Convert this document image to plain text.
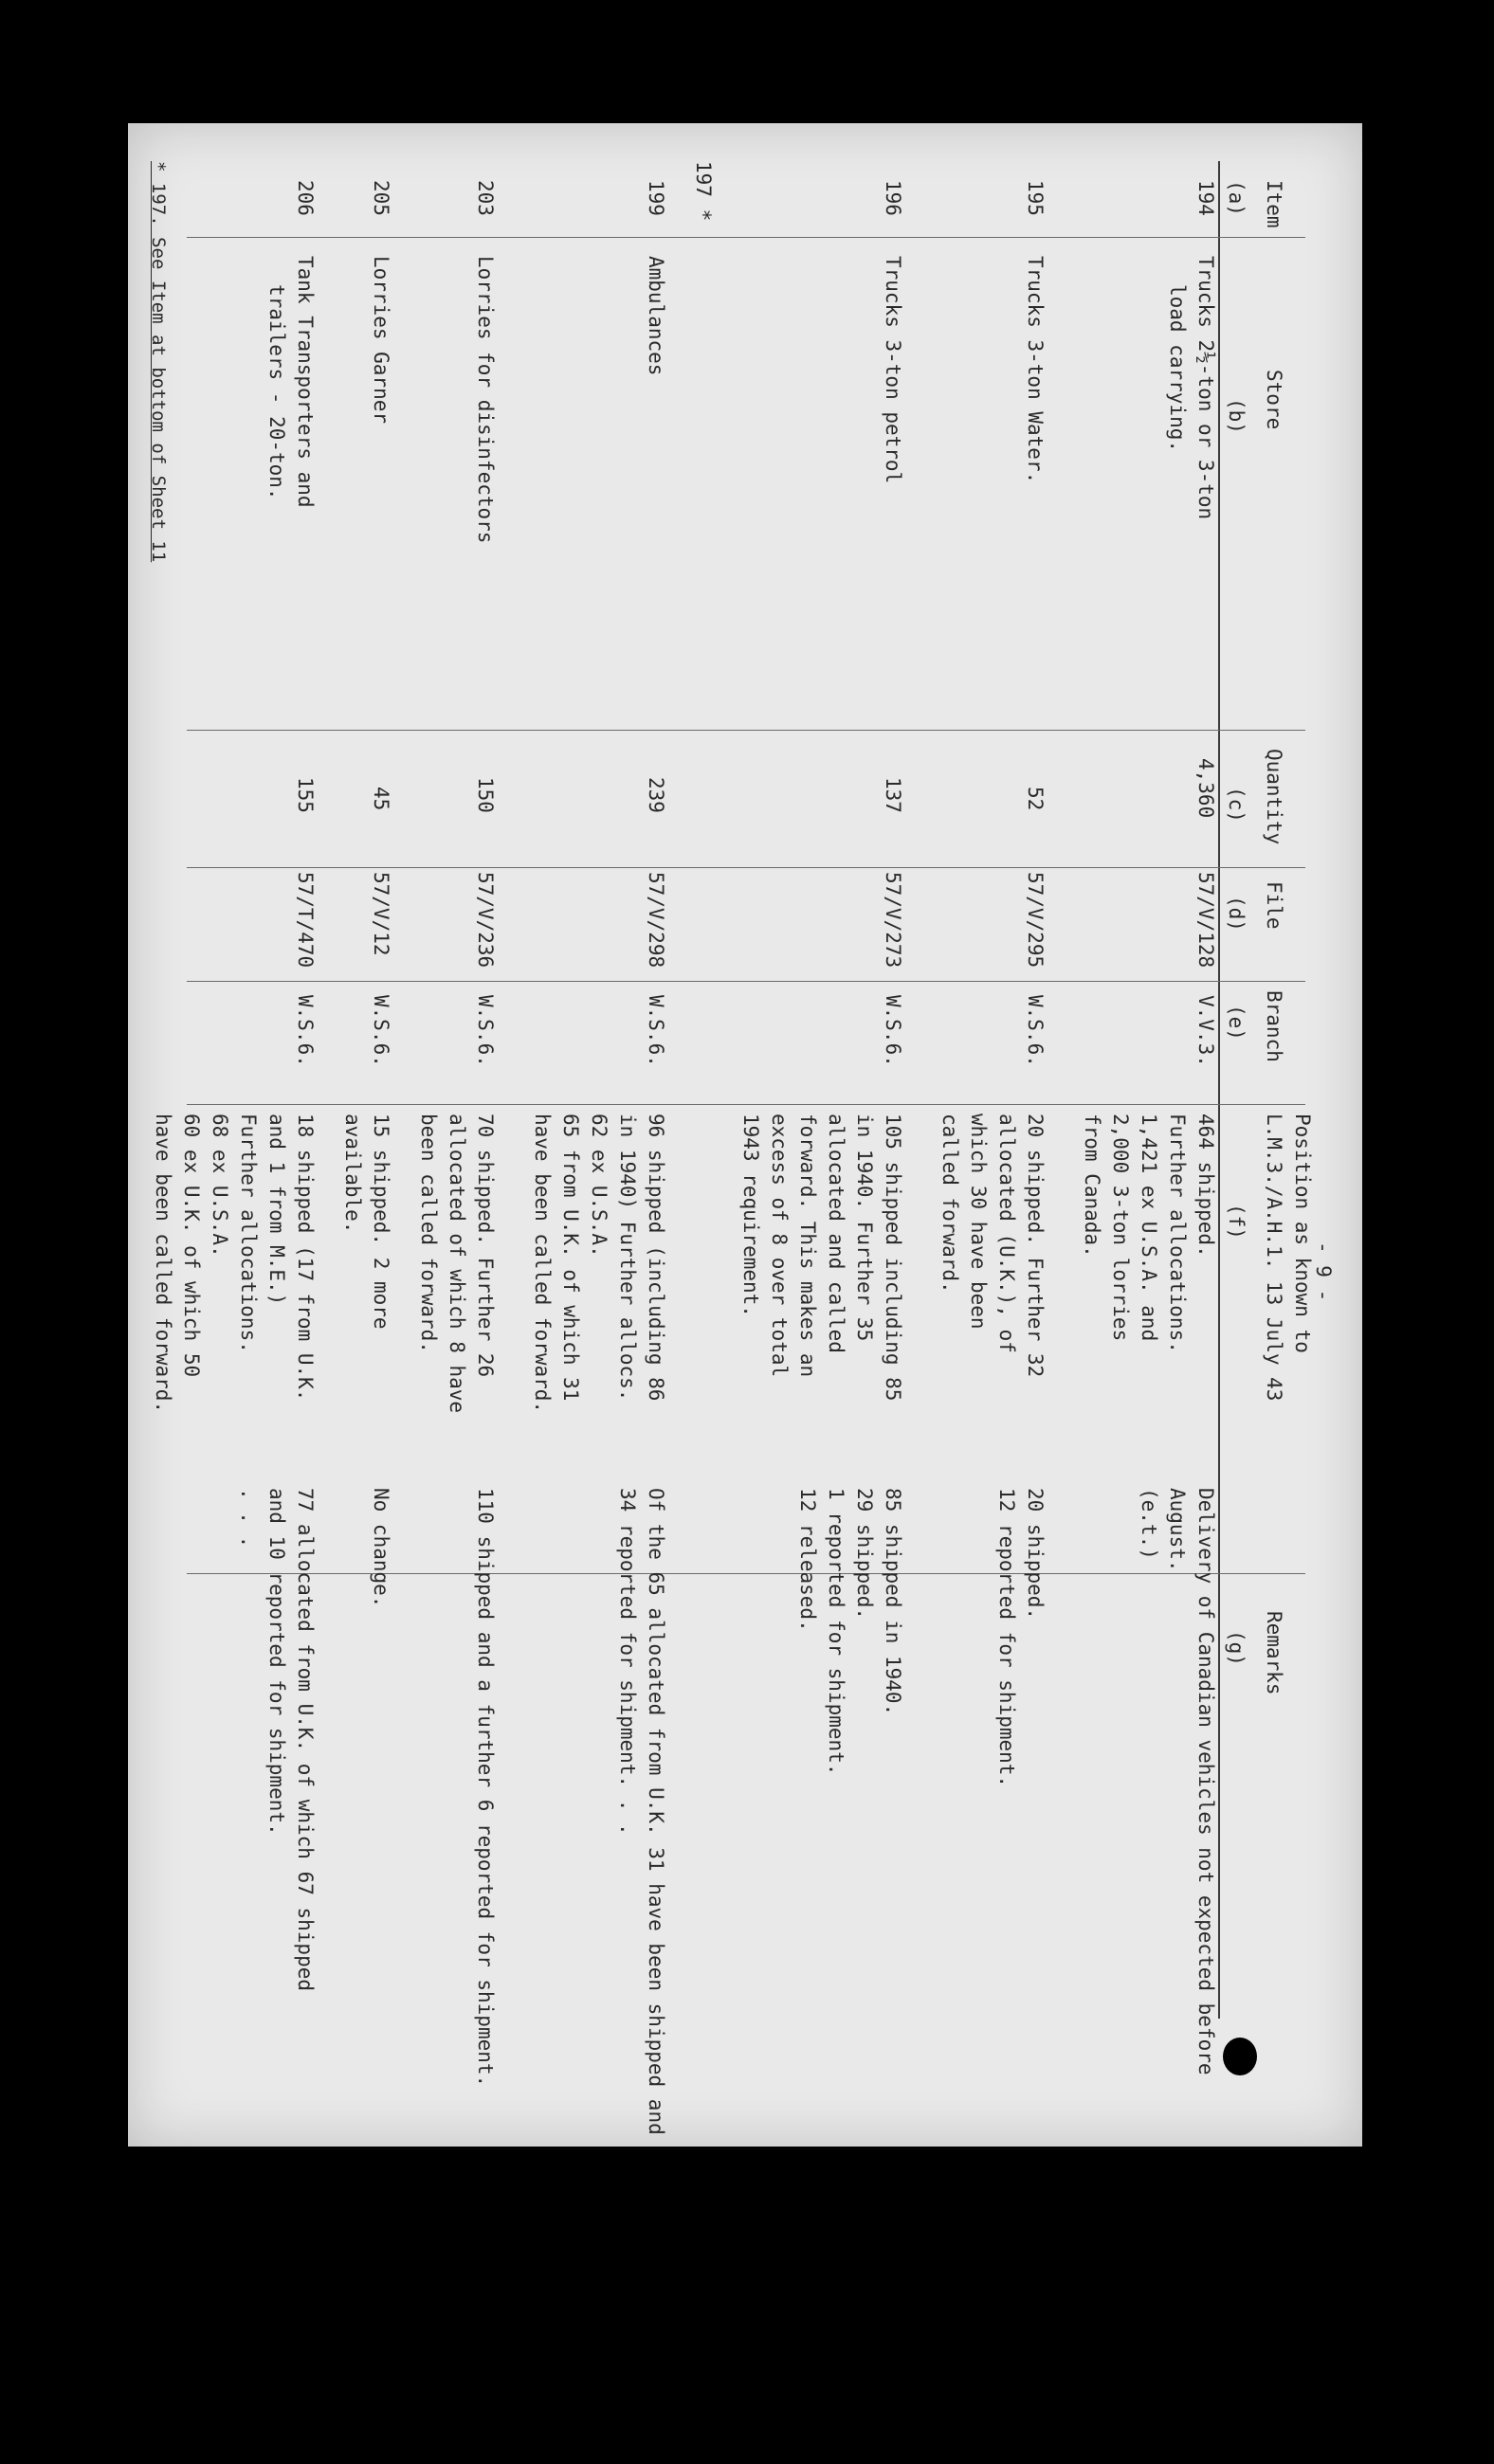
- 9 -
Item
Store
Quantity
File
Branch
Position as known to
L.M.3./A.H.1. 13 July 43
Remarks
(a)
(b)
(c)
(d)
(e)
(f)
(g)
194
Trucks 2½-ton or 3-ton
load carrying.
4,360
57/V/128
V.V.3.
464 shipped.
Further allocations.
1,421 ex U.S.A. and
2,000 3-ton lorries
from Canada.
Delivery of Canadian vehicles not expected before
August.
(e.t.)
195
Trucks 3-ton Water.
52
57/V/295
W.S.6.
20 shipped. Further 32
allocated (U.K.), of
which 30 have been
called forward.
20 shipped.
12 reported for shipment.
196
Trucks 3-ton petrol
137
57/V/273
W.S.6.
105 shipped including 85
in 1940. Further 35
allocated and called
forward. This makes an
excess of 8 over total
1943 requirement.
85 shipped in 1940.
29 shipped.
1 reported for shipment.
12 released.
197 *
199
Ambulances
239
57/V/298
W.S.6.
96 shipped (including 86
in 1940) Further allocs.
62 ex U.S.A.
65 from U.K. of which 31
have been called forward.
Of the 65 allocated from U.K. 31 have been shipped and
34 reported for shipment. . .
203
Lorries for disinfectors
150
57/V/236
W.S.6.
70 shipped. Further 26
allocated of which 8 have
been called forward.
110 shipped and a further 6 reported for shipment.
205
Lorries Garner
45
57/V/12
W.S.6.
15 shipped. 2 more
available.
No change.
206
Tank Transporters and
trailers - 20-ton.
155
57/T/470
W.S.6.
18 shipped (17 from U.K.
and 1 from M.E.)
Further allocations.
68 ex U.S.A.
60 ex U.K. of which 50
have been called forward.
77 allocated from U.K. of which 67 shipped
and 10 reported for shipment.
. . .
* 197. See Item at bottom of Sheet 11
